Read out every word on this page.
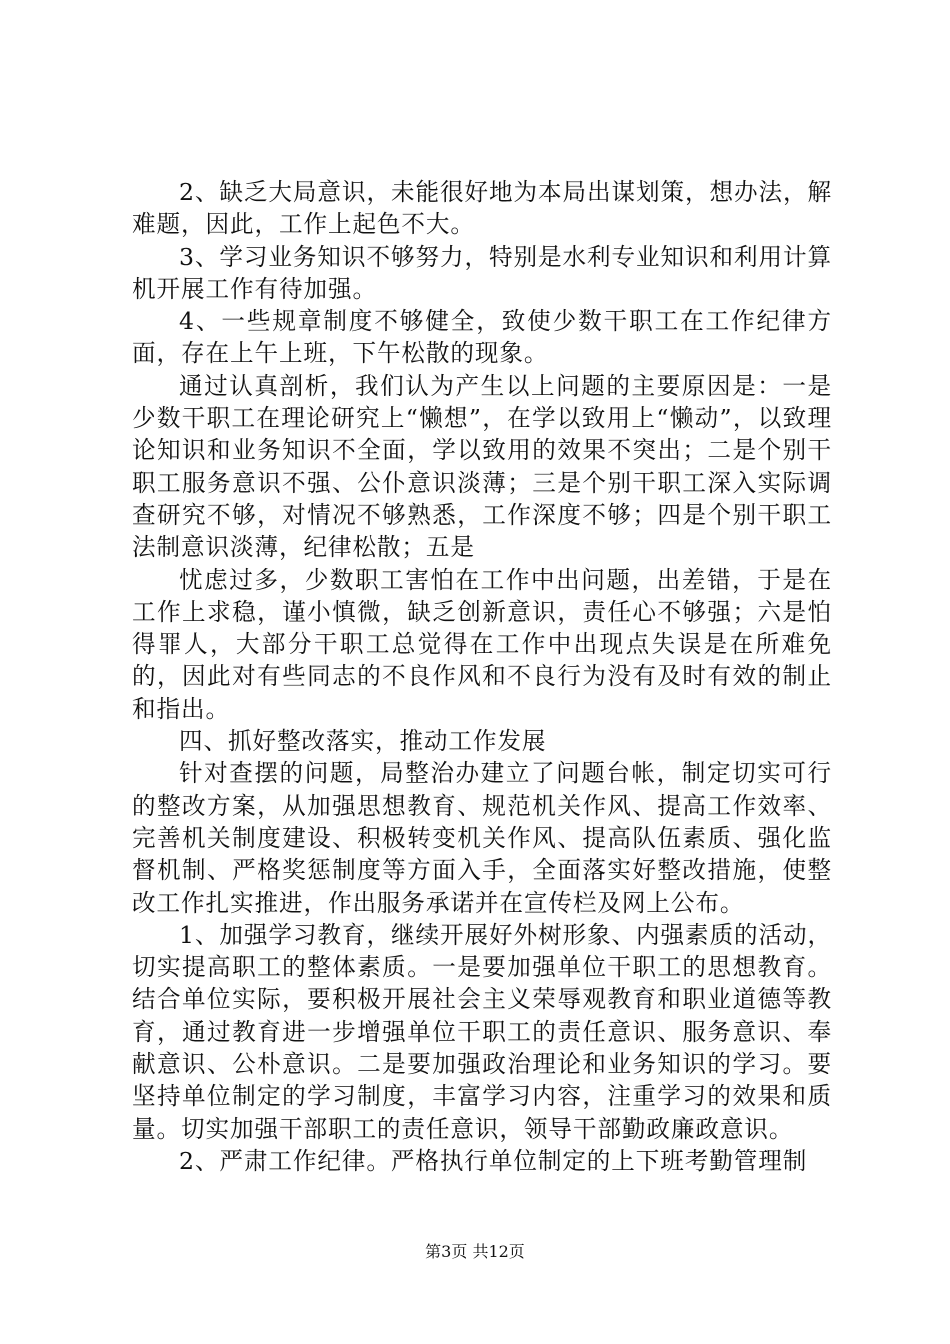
2、缺乏大局意识，未能很好地为本局出谋划策，想办法，解难题，因此，工作上起色不大。

3、学习业务知识不够努力，特别是水利专业知识和利用计算机开展工作有待加强。

4、一些规章制度不够健全，致使少数干职工在工作纪律方面，存在上午上班，下午松散的现象。

通过认真剖析，我们认为产生以上问题的主要原因是：一是少数干职工在理论研究上“懒想”，在学以致用上“懒动”，以致理论知识和业务知识不全面，学以致用的效果不突出；二是个别干职工服务意识不强、公仆意识淡薄；三是个别干职工深入实际调查研究不够，对情况不够熟悉，工作深度不够；四是个别干职工法制意识淡薄，纪律松散；五是

忧虑过多，少数职工害怕在工作中出问题，出差错，于是在工作上求稳，谨小慎微，缺乏创新意识，责任心不够强；六是怕得罪人，大部分干职工总觉得在工作中出现点失误是在所难免的，因此对有些同志的不良作风和不良行为没有及时有效的制止和指出。

四、抓好整改落实，推动工作发展

针对查摆的问题，局整治办建立了问题台帐，制定切实可行的整改方案，从加强思想教育、规范机关作风、提高工作效率、完善机关制度建设、积极转变机关作风、提高队伍素质、强化监督机制、严格奖惩制度等方面入手，全面落实好整改措施，使整改工作扎实推进，作出服务承诺并在宣传栏及网上公布。

1、加强学习教育，继续开展好外树形象、内强素质的活动，切实提高职工的整体素质。一是要加强单位干职工的思想教育。结合单位实际，要积极开展社会主义荣辱观教育和职业道德等教育，通过教育进一步增强单位干职工的责任意识、服务意识、奉献意识、公朴意识。二是要加强政治理论和业务知识的学习。要坚持单位制定的学习制度，丰富学习内容，注重学习的效果和质量。切实加强干部职工的责任意识，领导干部勤政廉政意识。

2、严肃工作纪律。严格执行单位制定的上下班考勤管理制

第3页 共12页
